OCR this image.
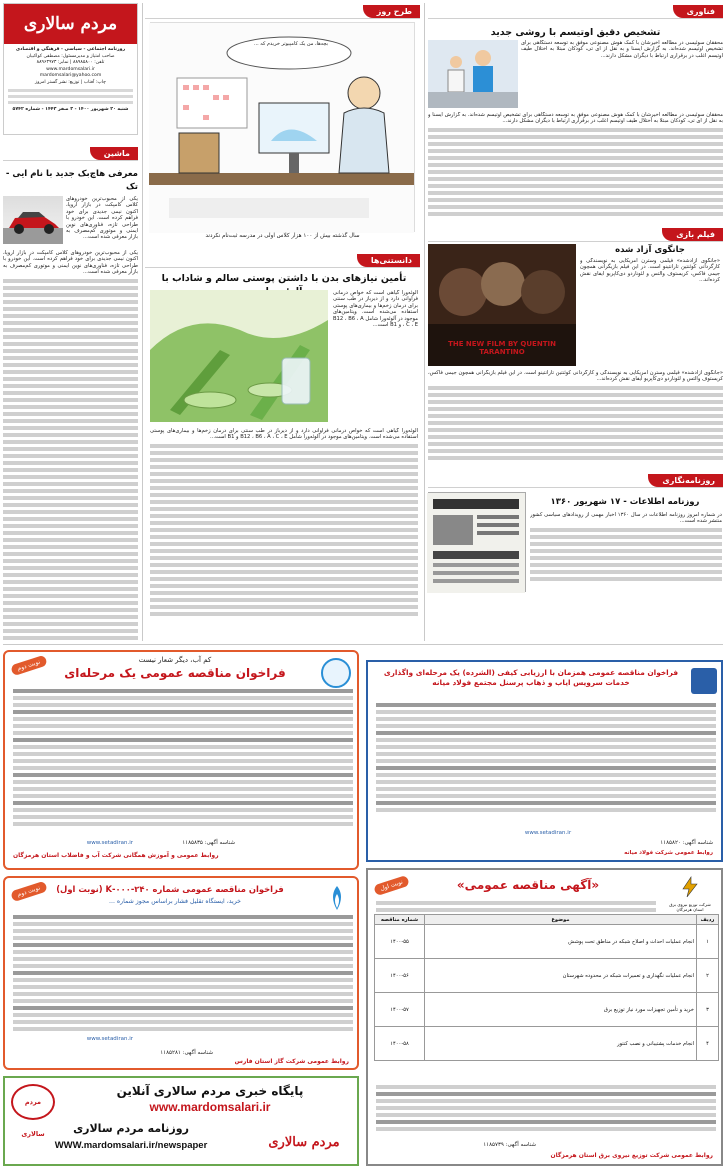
مردم سالاری
روزنامه اجتماعی - سیاسی - فرهنگی و اقتصادی
صاحب امتیاز و مدیرمسئول: مصطفی کواکبیان
تلفن: ۸۸۹۸۵۸۰۰ | نمابر: ۸۸۹۶۳۹۷۳
www.mardomsalari.ir
mardomsalari@yahoo.com
چاپ: آفتاب | توزیع: نشر گستر امروز
شنبه ۲۰ شهریور ۱۴۰۰ - ۳ صفر ۱۴۴۳ - شماره ۵۷۴۲
ماشین
معرفی هاچ‌بک جدید با نام ایی - تک
یکی از محبوب‌ترین خودروهای کلاس کامپکت در بازار اروپا، اکنون نیمی جدیدی برای خود فراهم کرده است. این خودرو با طراحی تازه، فناوری‌های نوین ایمنی و موتوری کم‌مصرف به بازار معرفی شده است...
یکی از محبوب‌ترین خودروهای کلاس کامپکت در بازار اروپا، اکنون نیمی جدیدی برای خود فراهم کرده است. این خودرو با طراحی تازه، فناوری‌های نوین ایمنی و موتوری کم‌مصرف به بازار معرفی شده است...
طرح روز
بچه‌ها، من یک کامپیوتر خریدم که ...
سال گذشته بیش از ۱۰۰ هزار کلاس اولی در مدرسه ثبت‌نام نکردند
دانستنی‌ها
تأمین نیازهای بدن با داشتن پوستی سالم و شاداب با
آلوئه‌ورا گیاهی است که خواص درمانی فراوانی دارد و از دیرباز در طب سنتی برای درمان زخم‌ها و بیماری‌های پوستی استفاده می‌شده است. ویتامین‌های موجود در آلوئه‌ورا شامل B12 ، B6 ، A ، C ، E و B1 است...
آلوئه‌ورا گیاهی است که خواص درمانی فراوانی دارد و از دیرباز در طب سنتی برای درمان زخم‌ها و بیماری‌های پوستی استفاده می‌شده است. ویتامین‌های موجود در آلوئه‌ورا شامل B12 ، B6 ، A ، C ، E و B1 است...
فناوری
تشخیص دقیق اوتیسم با روشی جدید
محققان سوئیسی در مطالعه اخیرشان با کمک هوش مصنوعی موفق به توسعه دستگاهی برای تشخیص اوتیسم شده‌اند. به گزارش ایسنا و به نقل از ای تی، کودکان مبتلا به اختلال طیف اوتیسم اغلب در برقراری ارتباط با دیگران مشکل دارند...
محققان سوئیسی در مطالعه اخیرشان با کمک هوش مصنوعی موفق به توسعه دستگاهی برای تشخیص اوتیسم شده‌اند. به گزارش ایسنا و به نقل از ای تی، کودکان مبتلا به اختلال طیف اوتیسم اغلب در برقراری ارتباط با دیگران مشکل دارند...
فیلم بازی
جانگوی آزاد شده
THE NEW FILM BY QUENTIN TARANTINO
«جانگوی آزادشده» فیلمی وسترن آمریکایی به نویسندگی و کارگردانی کوئنتین تارانتینو است. در این فیلم بازیگرانی همچون جیمی فاکس، کریستوف والتس و لئوناردو دی‌کاپریو ایفای نقش کرده‌اند...
«جانگوی آزادشده» فیلمی وسترن آمریکایی به نویسندگی و کارگردانی کوئنتین تارانتینو است. در این فیلم بازیگرانی همچون جیمی فاکس، کریستوف والتس و لئوناردو دی‌کاپریو ایفای نقش کرده‌اند...
روزنامه‌نگاری
روزنامه اطلاعات - ۱۷ شهریور ۱۳۶۰
در شماره امروز روزنامه اطلاعات در سال ۱۳۶۰ اخبار مهمی از رویدادهای سیاسی کشور منتشر شده است...
نوبت دوم	کم آب، دیگر شعار نیست
فراخوان مناقصه عمومی یک مرحله‌ای
www.setadiran.ir	شناسه آگهی: ۱۱۸۵۸۳۵
روابط عمومی و آموزش همگانی شرکت آب و فاضلاب استان هرمزگان
فراخوان مناقصه عمومی همزمان با ارزیابی کیفی (الشرده) یک مرحله‌ای واگذاری خدمات سرویس ایاب و ذهاب پرسنل مجتمع فولاد میانه
www.setadiran.ir
شناسه آگهی: ۱۱۸۵۸۲۰
روابط عمومی شرکت فولاد میانه
نوبت دوم	فراخوان مناقصه عمومی شماره ۲۴۰-۰۰۰-K (نوبت اول)
خرید، ایستگاه تقلیل فشار براساس مجوز شماره ...
www.setadiran.ir
شناسه آگهی: ۱۱۸۵۲۸۱
روابط عمومی شرکت گاز استان فارس
نوبت اول	«آگهی مناقصه عمومی»
شرکت توزیع نیروی برق استان هرمزگان
ردیف	موضوع	شماره مناقصه
۱	انجام عملیات احداث و اصلاح شبکه در مناطق تحت پوشش	۱۴۰۰-۵۵
۲	انجام عملیات نگهداری و تعمیرات شبکه در محدوده شهرستان	۱۴۰۰-۵۶
۳	خرید و تأمین تجهیزات مورد نیاز توزیع برق	۱۴۰۰-۵۷
۴	انجام خدمات پشتیبانی و نصب کنتور	۱۴۰۰-۵۸
شناسه آگهی: ۱۱۸۵۷۳۹
روابط عمومی شرکت توزیع نیروی برق استان هرمزگان
مردم سالاری
پایگاه خبری مردم سالاری آنلاین
www.mardomsalari.ir
روزنامه مردم سالاری
WWW.mardomsalari.ir/newspaper	مردم سالاری
